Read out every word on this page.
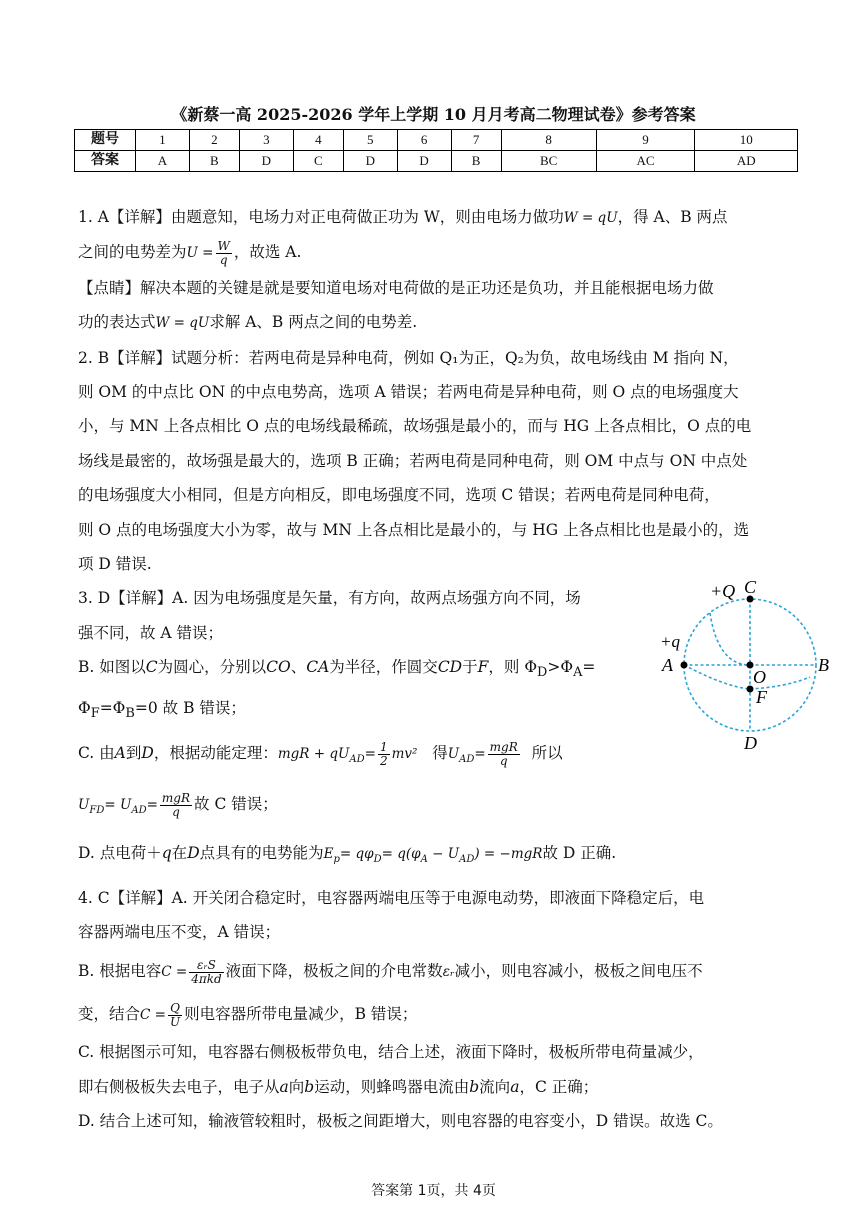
《新蔡一高 2025-2026 学年上学期 10 月月考高二物理试卷》参考答案
题号	1	2	3	4	5	6	7	8	9	10
答案	A	B	D	C	D	D	B	BC	AC	AD

1. A【详解】由题意知，电场力对正电荷做正功为 W，则由电场力做功W = qU，得 A、B 两点

之间的电势差为$U = \frac{W}{q}$ ，故选 A.

【点睛】解决本题的关键是就是要知道电场对电荷做的是正功还是负功，并且能根据电场力做

功的表达式W = qU求解 A、B 两点之间的电势差.

2. B【详解】试题分析：若两电荷是异种电荷，例如 Q₁为正，Q₂为负，故电场线由 M 指向 N，

则 OM 的中点比 ON 的中点电势高，选项 A 错误；若两电荷是异种电荷，则 O 点的电场强度大

小，与 MN 上各点相比 O 点的电场线最稀疏，故场强是最小的，而与 HG 上各点相比，O 点的电

场线是最密的，故场强是最大的，选项 B 正确；若两电荷是同种电荷，则 OM 中点与 ON 中点处

的电场强度大小相同，但是方向相反，即电场强度不同，选项 C 错误；若两电荷是同种电荷，

则 O 点的电场强度大小为零，故与 MN 上各点相比是最小的，与 HG 上各点相比也是最小的，选

项 D 错误.

3. D【详解】A. 因为电场强度是矢量，有方向，故两点场强方向不同，场

强不同，故 A 错误；

B. 如图以C为圆心，分别以CO、CA为半径，作圆交CD于F，则 $\Phi_D>\Phi_A=$

$\Phi_F=\Phi_B=0$ 故 B 错误；

C. 由A到D，根据动能定理：mgR + $qU_{AD}= \frac{1}{2} mv^2$ 得$U_{AD}= \frac{\text{mgR}}{q}$ 所以

$U_{FD}= U_{AD}= \frac{\text{mgR}}{q}$ 故 C 错误；

D. 点电荷＋q在D点具有的电势能为$E_p= q\varphi_D= q(\varphi_A - U_{AD}) = -mgR$故 D 正确.

4. C【详解】A. 开关闭合稳定时，电容器两端电压等于电源电动势，即液面下降稳定后，电

容器两端电压不变，A 错误；

B. 根据电容$C = \frac{\text{εᵣS}}{\text{4πkd}}$ 液面下降，极板之间的介电常数εᵣ减小，则电容减小，极板之间电压不

变，结合$C = \frac{Q}{U}$ 则电容器所带电量减少，B 错误；

C. 根据图示可知，电容器右侧极板带负电，结合上述，液面下降时，极板所带电荷量减少，

即右侧极板失去电子，电子从a向b运动，则蜂鸣器电流由b流向a，C 正确；

D. 结合上述可知，输液管较粗时，极板之间距增大，则电容器的电容变小，D 错误。故选 C。

+Q C
+q
A	B
O
F
D
答案第 1页，共 4页
